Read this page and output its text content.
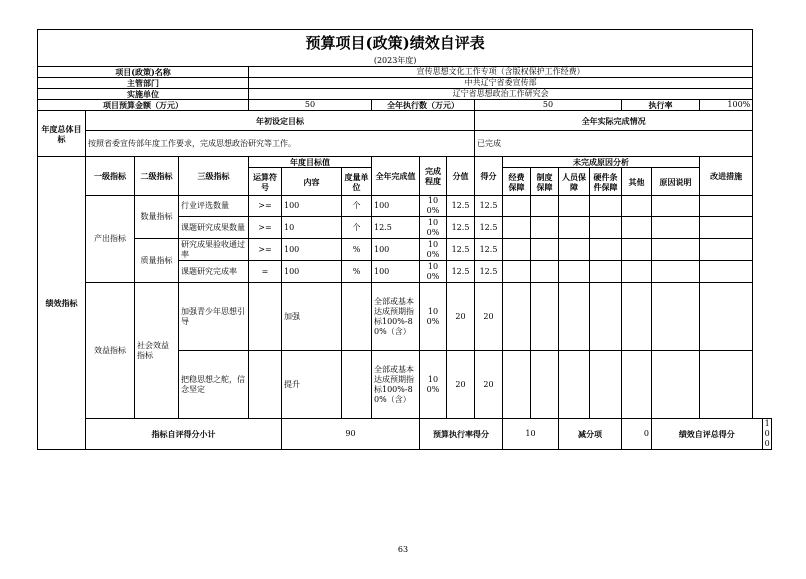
预算项目(政策)绩效自评表																		
(2023年度)																		
项目(政策)名称				宣传思想文化工作专项（含版权保护工作经费）														
主管部门				中共辽宁省委宣传部														
实施单位				辽宁省思想政治工作研究会														
项目预算金额（万元）				50			全年执行数（万元）			50					执行率		100%	
年度总体目标	年初设定目标									全年实际完成情况								
	按照省委宣传部年度工作要求，完成思想政治研究等工作。									已完成								
绩效指标	一级指标	二级指标	三级指标	年度目标值			全年完成值	完成程度	分值	得分	未完成原因分析						改进措施	
				运算符号	内容	度量单位					经费保障	制度保障	人员保障	硬件条件保障	其他	原因说明		

	产出指标	数量指标	行业评选数量	>=	100	个	100	100%	12.5	12.5								
			课题研究成果数量	>=	10	个	12.5	100%	12.5	12.5								
		质量指标	研究成果验收通过率	>=	100	%	100	100%	12.5	12.5								
			课题研究完成率	=	100	%	100	100%	12.5	12.5								
	效益指标	社会效益指标	加强青少年思想引导		加强		全部或基本达成预期指标100%-80%（含）	100%	20	20								
			把稳思想之舵，信念坚定		提升		全部或基本达成预期指标100%-80%（含）	100%	20	20								
	指标自评得分小计				90			预算执行率得分			10		减分项		0	绩效自评总得分		100
63
